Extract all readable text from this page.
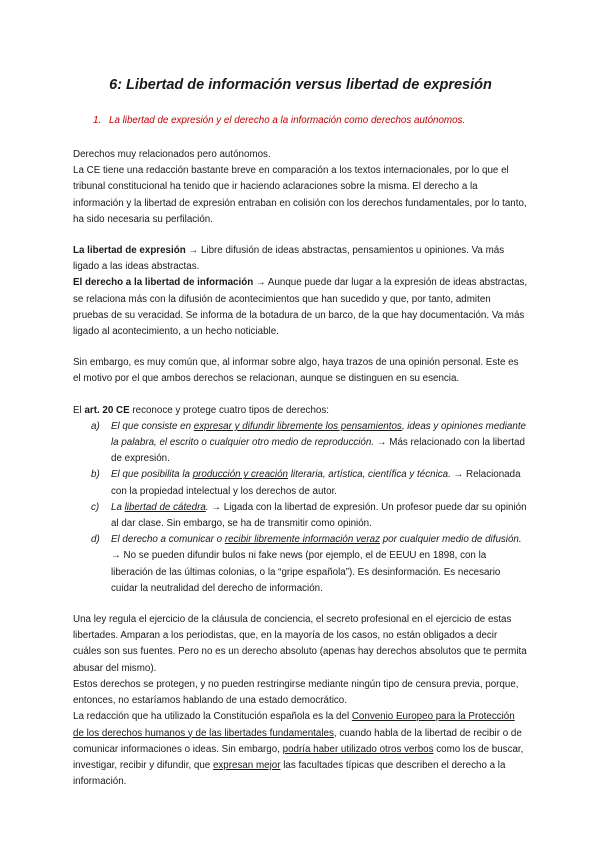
6: Libertad de información versus libertad de expresión
1. La libertad de expresión y el derecho a la información como derechos autónomos.

Derechos muy relacionados pero autónomos.

La CE tiene una redacción bastante breve en comparación a los textos internacionales, por lo que el tribunal constitucional ha tenido que ir haciendo aclaraciones sobre la misma. El derecho a la información y la libertad de expresión entraban en colisión con los derechos fundamentales, por lo tanto, ha sido necesaria su perfilación.

La libertad de expresión → Libre difusión de ideas abstractas, pensamientos u opiniones. Va más ligado a las ideas abstractas.

El derecho a la libertad de información → Aunque puede dar lugar a la expresión de ideas abstractas, se relaciona más con la difusión de acontecimientos que han sucedido y que, por tanto, admiten pruebas de su veracidad. Se informa de la botadura de un barco, de la que hay documentación. Va más ligado al acontecimiento, a un hecho noticiable.

Sin embargo, es muy común que, al informar sobre algo, haya trazos de una opinión personal. Este es el motivo por el que ambos derechos se relacionan, aunque se distinguen en su esencia.

El art. 20 CE reconoce y protege cuatro tipos de derechos:

a) El que consiste en expresar y difundir libremente los pensamientos, ideas y opiniones mediante la palabra, el escrito o cualquier otro medio de reproducción. → Más relacionado con la libertad de expresión.
b) El que posibilita la producción y creación literaria, artística, científica y técnica. → Relacionada con la propiedad intelectual y los derechos de autor.
c) La libertad de cátedra. → Ligada con la libertad de expresión. Un profesor puede dar su opinión al dar clase. Sin embargo, se ha de transmitir como opinión.
d) El derecho a comunicar o recibir libremente información veraz por cualquier medio de difusión. → No se pueden difundir bulos ni fake news (por ejemplo, el de EEUU en 1898, con la liberación de las últimas colonias, o la “gripe española”). Es desinformación. Es necesario cuidar la neutralidad del derecho de información.

Una ley regula el ejercicio de la cláusula de conciencia, el secreto profesional en el ejercicio de estas libertades. Amparan a los periodistas, que, en la mayoría de los casos, no están obligados a decir cuáles son sus fuentes. Pero no es un derecho absoluto (apenas hay derechos absolutos que te permita abusar del mismo).

Estos derechos se protegen, y no pueden restringirse mediante ningún tipo de censura previa, porque, entonces, no estaríamos hablando de una estado democrático.

La redacción que ha utilizado la Constitución española es la del Convenio Europeo para la Protección de los derechos humanos y de las libertades fundamentales, cuando habla de la libertad de recibir o de comunicar informaciones o ideas. Sin embargo, podría haber utilizado otros verbos como los de buscar, investigar, recibir y difundir, que expresan mejor las facultades típicas que describen el derecho a la información.
